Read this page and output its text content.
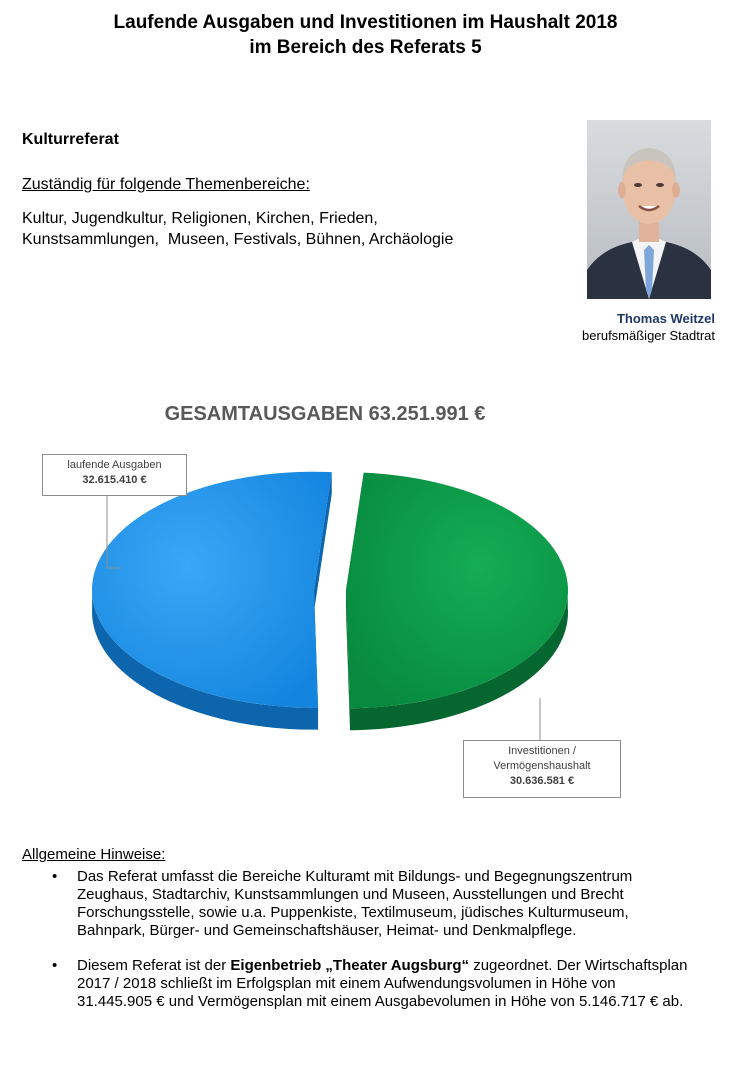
Laufende Ausgaben und Investitionen im Haushalt 2018
im Bereich des Referats 5
Kulturreferat
Zuständig für folgende Themenbereiche:
Kultur, Jugendkultur, Religionen, Kirchen, Frieden,
Kunstsammlungen,  Museen, Festivals, Bühnen, Archäologie
Thomas Weitzel
berufsmäßiger Stadtrat
GESAMTAUSGABEN 63.251.991 €
laufende Ausgaben
32.615.410 €
Investitionen /
Vermögenshaushalt
30.636.581 €
Allgemeine Hinweise:
• Das Referat umfasst die Bereiche Kulturamt mit Bildungs- und Begegnungszentrum Zeughaus, Stadtarchiv, Kunstsammlungen und Museen, Ausstellungen und Brecht Forschungsstelle, sowie u.a. Puppenkiste, Textilmuseum, jüdisches Kulturmuseum, Bahnpark, Bürger- und Gemeinschaftshäuser, Heimat- und Denkmalpflege.
• Diesem Referat ist der Eigenbetrieb „Theater Augsburg“ zugeordnet. Der Wirtschaftsplan 2017 / 2018 schließt im Erfolgsplan mit einem Aufwendungsvolumen in Höhe von 31.445.905 € und Vermögensplan mit einem Ausgabevolumen in Höhe von 5.146.717 € ab.
